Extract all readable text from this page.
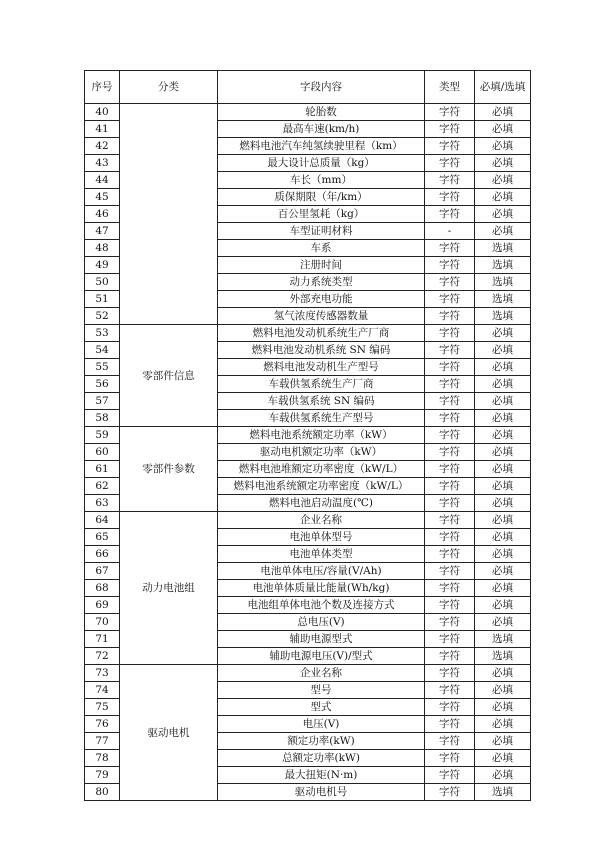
序号	分类	字段内容	类型	必填/选填
40		轮胎数	字符	必填
41		最高车速(km/h)	字符	必填
42		燃料电池汽车纯氢续驶里程（km）	字符	必填
43		最大设计总质量（kg）	字符	必填
44		车长（mm）	字符	必填
45		质保期限（年/km）	字符	必填
46		百公里氢耗（kg）	字符	必填
47		车型证明材料	-	必填
48		车系	字符	选填
49		注册时间	字符	选填
50		动力系统类型	字符	选填
51		外部充电功能	字符	选填
52		氢气浓度传感器数量	字符	选填
53	零部件信息	燃料电池发动机系统生产厂商	字符	必填
54		燃料电池发动机系统 SN 编码	字符	必填
55		燃料电池发动机生产型号	字符	必填
56		车载供氢系统生产厂商	字符	必填
57		车载供氢系统 SN 编码	字符	必填
58		车载供氢系统生产型号	字符	必填
59	零部件参数	燃料电池系统额定功率（kW）	字符	必填
60		驱动电机额定功率（kW）	字符	必填
61		燃料电池堆额定功率密度（kW/L）	字符	必填
62		燃料电池系统额定功率密度（kW/L）	字符	必填
63		燃料电池启动温度(℃)	字符	必填
64	动力电池组	企业名称	字符	必填
65		电池单体型号	字符	必填
66		电池单体类型	字符	必填
67		电池单体电压/容量(V/Ah)	字符	必填
68		电池单体质量比能量(Wh/kg)	字符	必填
69		电池组单体电池个数及连接方式	字符	必填
70		总电压(V)	字符	必填
71		辅助电源型式	字符	选填
72		辅助电源电压(V)/型式	字符	选填
73	驱动电机	企业名称	字符	必填
74		型号	字符	必填
75		型式	字符	必填
76		电压(V)	字符	必填
77		额定功率(kW)	字符	必填
78		总额定功率(kW)	字符	必填
79		最大扭矩(N·m)	字符	必填
80		驱动电机号	字符	选填
